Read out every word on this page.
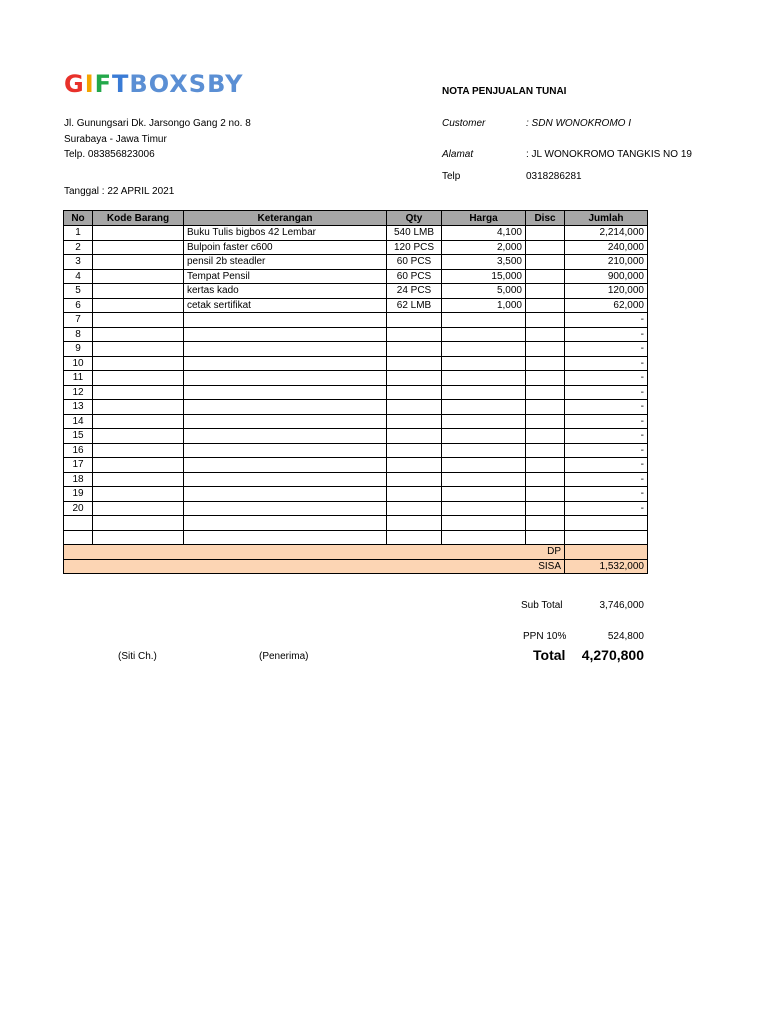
GIFTBOXSBY	NOTA PENJUALAN TUNAI
Jl. Gunungsari Dk. Jarsongo Gang 2 no. 8
Surabaya - Jawa Timur
Telp. 083856823006
Tanggal : 22 APRIL 2021
Customer	: SDN WONOKROMO I
Alamat	: JL WONOKROMO TANGKIS NO 19
Telp	0318286281
No	Kode Barang	Keterangan	Qty	Harga	Disc	Jumlah
1		Buku Tulis bigbos 42 Lembar	540 LMB	4,100		2,214,000
2		Bulpoin faster c600	120 PCS	2,000		240,000
3		pensil 2b steadler	60 PCS	3,500		210,000
4		Tempat Pensil	60 PCS	15,000		900,000
5		kertas kado	24 PCS	5,000		120,000
6		cetak sertifikat	62 LMB	1,000		62,000
7						-
8						-
9						-
10						-
11						-
12						-
13						-
14						-
15						-
16						-
17						-
18						-
19						-
20						-

DP						
SISA						1,532,000
Sub Total	3,746,000
PPN 10%	524,800
Total 4,270,800
(Siti Ch.)	(Penerima)
